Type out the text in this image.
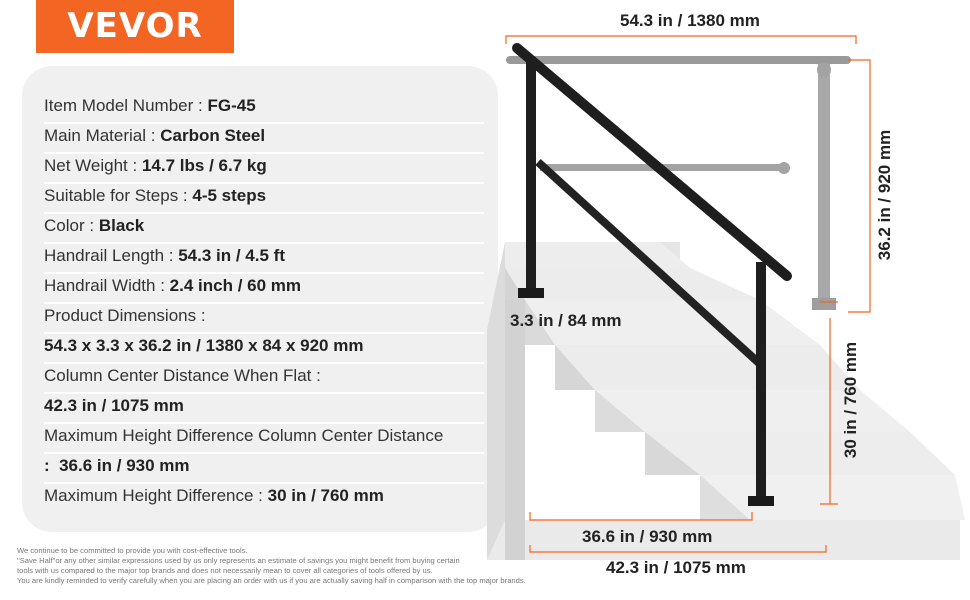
VEVOR
Item Model Number : FG-45
Main Material : Carbon Steel
Net Weight : 14.7 lbs / 6.7 kg
Suitable for Steps : 4-5 steps
Color : Black
Handrail Length : 54.3 in / 4.5 ft
Handrail Width : 2.4 inch / 60 mm
Product Dimensions :
54.3 x 3.3 x 36.2 in / 1380 x 84 x 920 mm
Column Center Distance When Flat :
42.3 in / 1075 mm
Maximum Height Difference Column Center Distance
:  36.6 in / 930 mm
Maximum Height Difference : 30 in / 760 mm
54.3 in / 1380 mm
36.2 in / 920 mm
3.3 in / 84 mm
30 in / 760 mm
36.6 in / 930 mm
42.3 in / 1075 mm
We continue to be committed to provide you with cost-effective tools.
"Save Half"or any other similar expressions used by us only represents an estimate of savings you might benefit from buying certain
tools with us compared to the major top brands and does not necessarily mean to cover all categories of tools offered by us.
You are kindly reminded to verify carefully when you are placing an order with us if you are actually saving half in comparison with the top major brands.
